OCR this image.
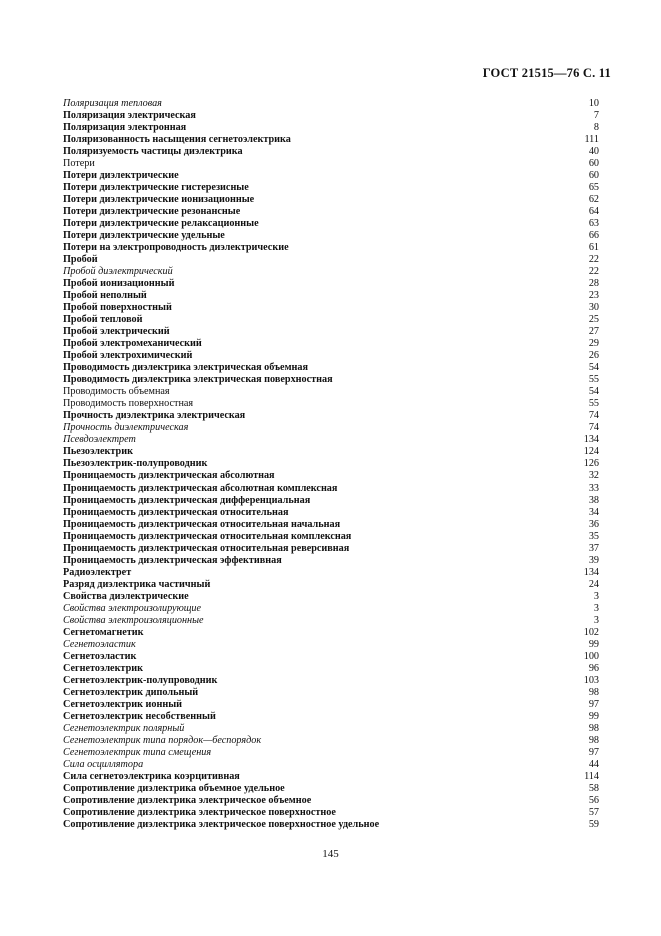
ГОСТ 21515—76 С. 11
Поляризация тепловая	10
Поляризация электрическая	7
Поляризация электронная	8
Поляризованность насыщения сегнетоэлектрика	111
Поляризуемость частицы диэлектрика	40
Потери	60
Потери диэлектрические	60
Потери диэлектрические гистерезисные	65
Потери диэлектрические ионизационные	62
Потери диэлектрические резонансные	64
Потери диэлектрические релаксационные	63
Потери диэлектрические удельные	66
Потери на электропроводность диэлектрические	61
Пробой	22
Пробой диэлектрический	22
Пробой ионизационный	28
Пробой неполный	23
Пробой поверхностный	30
Пробой тепловой	25
Пробой электрический	27
Пробой электромеханический	29
Пробой электрохимический	26
Проводимость диэлектрика электрическая объемная	54
Проводимость диэлектрика электрическая поверхностная	55
Проводимость объемная	54
Проводимость поверхностная	55
Прочность диэлектрика электрическая	74
Прочность диэлектрическая	74
Псевдоэлектрет	134
Пьезоэлектрик	124
Пьезоэлектрик-полупроводник	126
Проницаемость диэлектрическая абсолютная	32
Проницаемость диэлектрическая абсолютная комплексная	33
Проницаемость диэлектрическая дифференциальная	38
Проницаемость диэлектрическая относительная	34
Проницаемость диэлектрическая относительная начальная	36
Проницаемость диэлектрическая относительная комплексная	35
Проницаемость диэлектрическая относительная реверсивная	37
Проницаемость диэлектрическая эффективная	39
Радиоэлектрет	134
Разряд диэлектрика частичный	24
Свойства диэлектрические	3
Свойства электроизолирующие	3
Свойства электроизоляционные	3
Сегнетомагнетик	102
Сегнетоэластик	99
Сегнетоэластик	100
Сегнетоэлектрик	96
Сегнетоэлектрик-полупроводник	103
Сегнетоэлектрик дипольный	98
Сегнетоэлектрик ионный	97
Сегнетоэлектрик несобственный	99
Сегнетоэлектрик полярный	98
Сегнетоэлектрик типа порядок—беспорядок	98
Сегнетоэлектрик типа смещения	97
Сила осциллятора	44
Сила сегнетоэлектрика коэрцитивная	114
Сопротивление диэлектрика объемное удельное	58
Сопротивление диэлектрика электрическое объемное	56
Сопротивление диэлектрика электрическое поверхностное	57
Сопротивление диэлектрика электрическое поверхностное удельное	59
145
